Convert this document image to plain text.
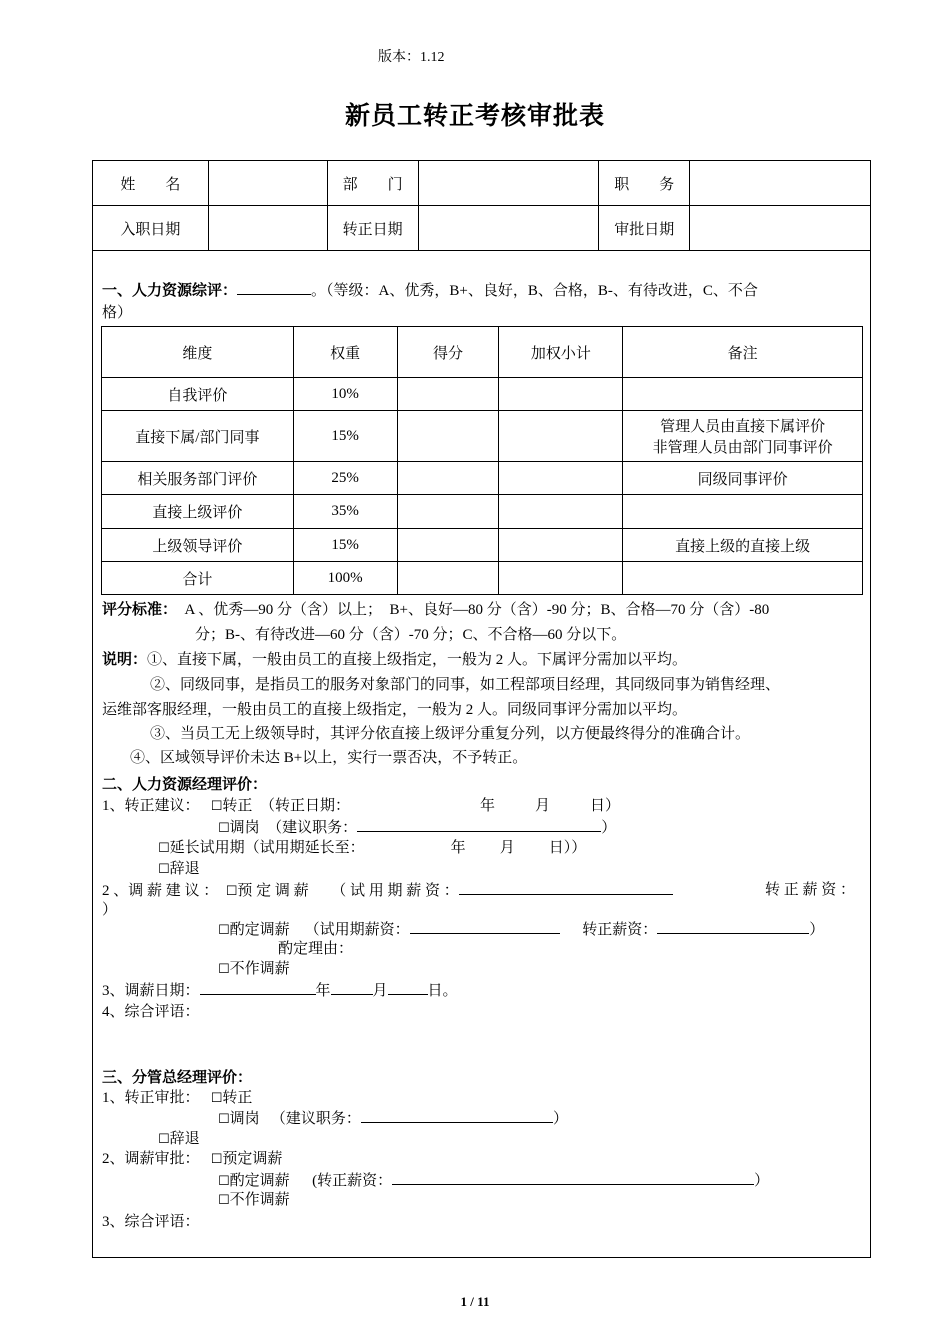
版本：1.12
新员工转正考核审批表
姓　　名		部　　门		职　　务	
入职日期		转正日期		审批日期	
一、人力资源综评：	。（等级：A、优秀，B+、良好，B、合格，B-、有待改进，C、不合
格）
维度	权重	得分	加权小计	备注
自我评价	10%			
直接下属/部门同事	15%			管理人员由直接下属评价
非管理人员由部门同事评价

相关服务部门评价	25%			同级同事评价
直接上级评价	35%			
上级领导评价	15%			直接上级的直接上级
合计	100%			
评分标准： A 、优秀—90 分（含）以上；　B+、良好—80 分（含）-90 分；B、合格—70 分（含）-80
分；B-、有待改进—60 分（含）-70 分；C、不合格—60 分以下。
说明：①、直接下属，一般由员工的直接上级指定，一般为 2 人。下属评分需加以平均。
②、同级同事，是指员工的服务对象部门的同事，如工程部项目经理，其同级同事为销售经理、
运维部客服经理，一般由员工的直接上级指定，一般为 2 人。同级同事评分需加以平均。
③、当员工无上级领导时，其评分依直接上级评分重复分列，以方便最终得分的准确合计。
④、区域领导评价未达 B+以上，实行一票否决，不予转正。
二、人力资源经理评价：
1、转正建议： ☐转正 （转正日期：	年	月	日）
☐调岗 （建议职务：	）
☐延长试用期（试用期延长至：	年 月 日））
☐辞退
2 、调 薪 建 议 ： ☐预 定 调 薪 （ 试 用 期 薪 资 ：	转 正 薪 资 ：
）
☐酌定调薪 （试用期薪资：	转正薪资：	）
酌定理由：
☐不作调薪
3、调薪日期：	年	月	日。
4、综合评语：
三、分管总经理评价：
1、转正审批： ☐转正
☐调岗 （建议职务：	）
☐辞退
2、调薪审批： ☐预定调薪
☐酌定调薪 (转正薪资：	）
☐不作调薪
3、综合评语：
1 / 11
